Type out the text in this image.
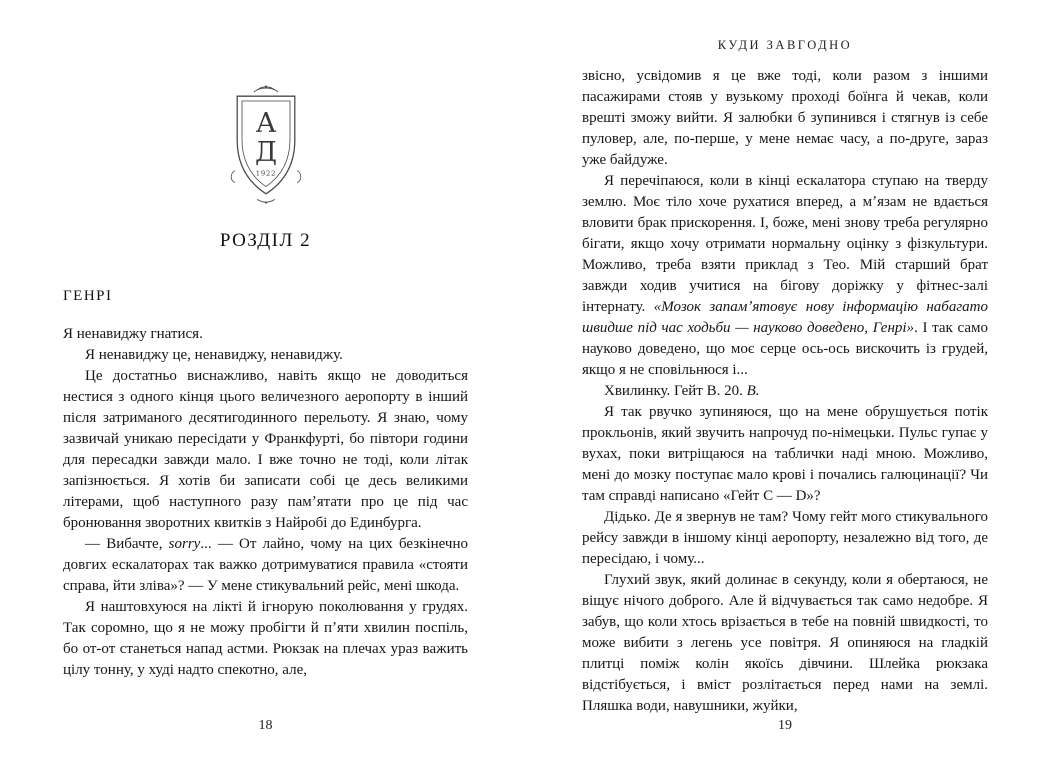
А
Д
1922
РОЗДІЛ 2
ГЕНРІ

Я ненавиджу гнатися.

Я ненавиджу це, ненавиджу, ненавиджу.

Це достатньо виснажливо, навіть якщо не доводиться нестися з одного кінця цього величезного аеропорту в інший після затриманого десятигодинного перельоту. Я знаю, чому зазвичай уникаю пересідати у Франкфурті, бо півтори години для пересадки завжди мало. І вже точно не тоді, коли літак запізнюється. Я хотів би записати собі це десь великими літерами, щоб наступного разу памʼятати про це під час бронювання зворотних квитків з Найробі до Единбурга.

— Вибачте, sorry... — От лайно, чому на цих безкінечно довгих ескалаторах так важко дотримуватися правила «стояти справа, йти зліва»? — У мене стикувальний рейс, мені шкода.

Я наштовхуюся на лікті й ігнорую поколювання у грудях. Так соромно, що я не можу пробігти й пʼяти хвилин поспіль, бо от-от станеться напад астми. Рюкзак на плечах ураз важить цілу тонну, у худі надто спекотно, але,

18
КУДИ ЗАВГОДНО

звісно, усвідомив я це вже тоді, коли разом з іншими пасажирами стояв у вузькому проході боїнга й чекав, коли врешті зможу вийти. Я залюбки б зупинився і стягнув із себе пуловер, але, по-перше, у мене немає часу, а по-друге, зараз уже байдуже.

Я перечіпаюся, коли в кінці ескалатора ступаю на тверду землю. Моє тіло хоче рухатися вперед, а мʼязам не вдається вловити брак прискорення. І, боже, мені знову треба регулярно бігати, якщо хочу отримати нормальну оцінку з фізкультури. Можливо, треба взяти приклад з Тео. Мій старший брат завжди ходив учитися на бігову доріжку у фітнес-залі інтернату. «Мозок запамʼятовує нову інформацію набагато швидше під час ходьби — науково доведено, Генрі». І так само науково доведено, що моє серце ось-ось вискочить із грудей, якщо я не сповільнюся і...

Хвилинку. Гейт В. 20. В.

Я так рвучко зупиняюся, що на мене обрушується потік прокльонів, який звучить напрочуд по-німецьки. Пульс гупає у вухах, поки витріщаюся на таблички наді мною. Можливо, мені до мозку поступає мало крові і почались галюцинації? Чи там справді написано «Гейт С — D»?

Дідько. Де я звернув не там? Чому гейт мого стикувального рейсу завжди в іншому кінці аеропорту, незалежно від того, де пересідаю, і чому...

Глухий звук, який долинає в секунду, коли я обертаюся, не віщує нічого доброго. Але й відчувається так само недобре. Я забув, що коли хтось врізається в тебе на повній швидкості, то може вибити з легень усе повітря. Я опиняюся на гладкій плитці поміж колін якоїсь дівчини. Шлейка рюкзака відстібується, і вміст розлітається перед нами на землі. Пляшка води, навушники, жуйки,

19
